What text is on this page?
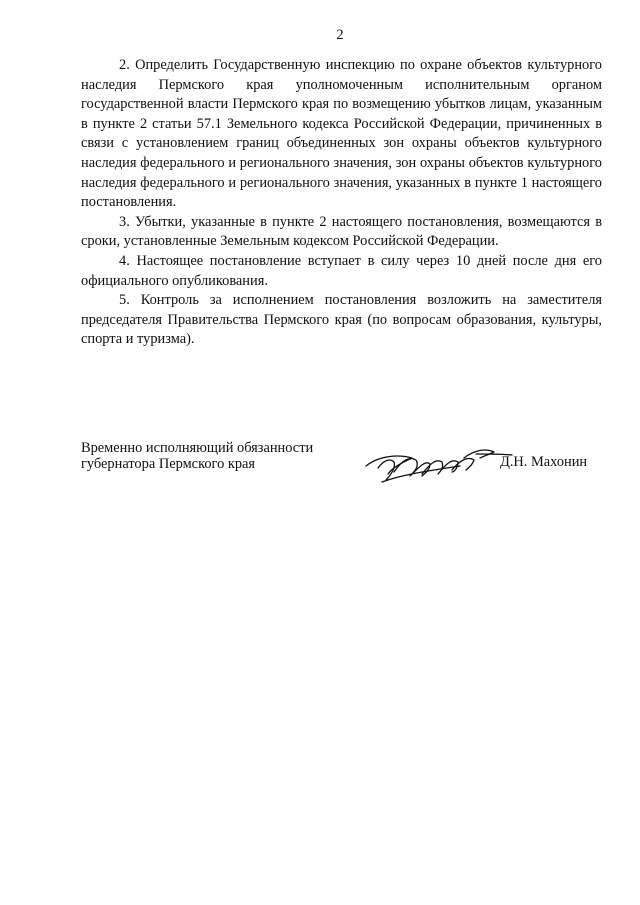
2

2. Определить Государственную инспекцию по охране объектов культурного наследия Пермского края уполномоченным исполнительным органом государственной власти Пермского края по возмещению убытков лицам, указанным в пункте 2 статьи 57.1 Земельного кодекса Российской Федерации, причиненных в связи с установлением границ объединенных зон охраны объектов культурного наследия федерального и регионального значения, зон охраны объектов культурного наследия федерального и регионального значения, указанных в пункте 1 настоящего постановления.

3. Убытки, указанные в пункте 2 настоящего постановления, возмещаются в сроки, установленные Земельным кодексом Российской Федерации.

4. Настоящее постановление вступает в силу через 10 дней после дня его официального опубликования.

5. Контроль за исполнением постановления возложить на заместителя председателя Правительства Пермского края (по вопросам образования, культуры, спорта и туризма).

Временно исполняющий обязанности
губернатора Пермского края	Д.Н. Махонин
